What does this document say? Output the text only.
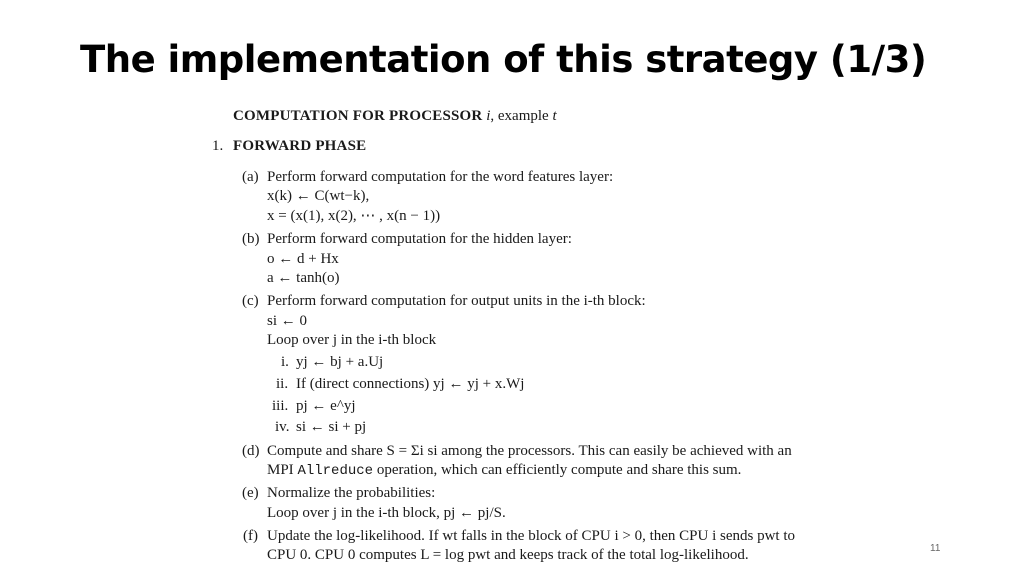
The implementation of this strategy (1/3)
COMPUTATION FOR PROCESSOR i, example t
1. FORWARD PHASE
(a) Perform forward computation for the word features layer:
x(k) ← C(wt−k),
x = (x(1), x(2), ⋯ , x(n − 1))
(b) Perform forward computation for the hidden layer:
o ← d + Hx
a ← tanh(o)
(c) Perform forward computation for output units in the i-th block:
si ← 0
Loop over j in the i-th block
i. yj ← bj + a.Uj
ii. If (direct connections) yj ← yj + x.Wj
iii. pj ← e^yj
iv. si ← si + pj
(d) Compute and share S = Σi si among the processors. This can easily be achieved with an
MPI Allreduce operation, which can efficiently compute and share this sum.
(e) Normalize the probabilities:
Loop over j in the i-th block, pj ← pj/S.
(f) Update the log-likelihood. If wt falls in the block of CPU i > 0, then CPU i sends pwt to
CPU 0. CPU 0 computes L = log pwt and keeps track of the total log-likelihood.	11
